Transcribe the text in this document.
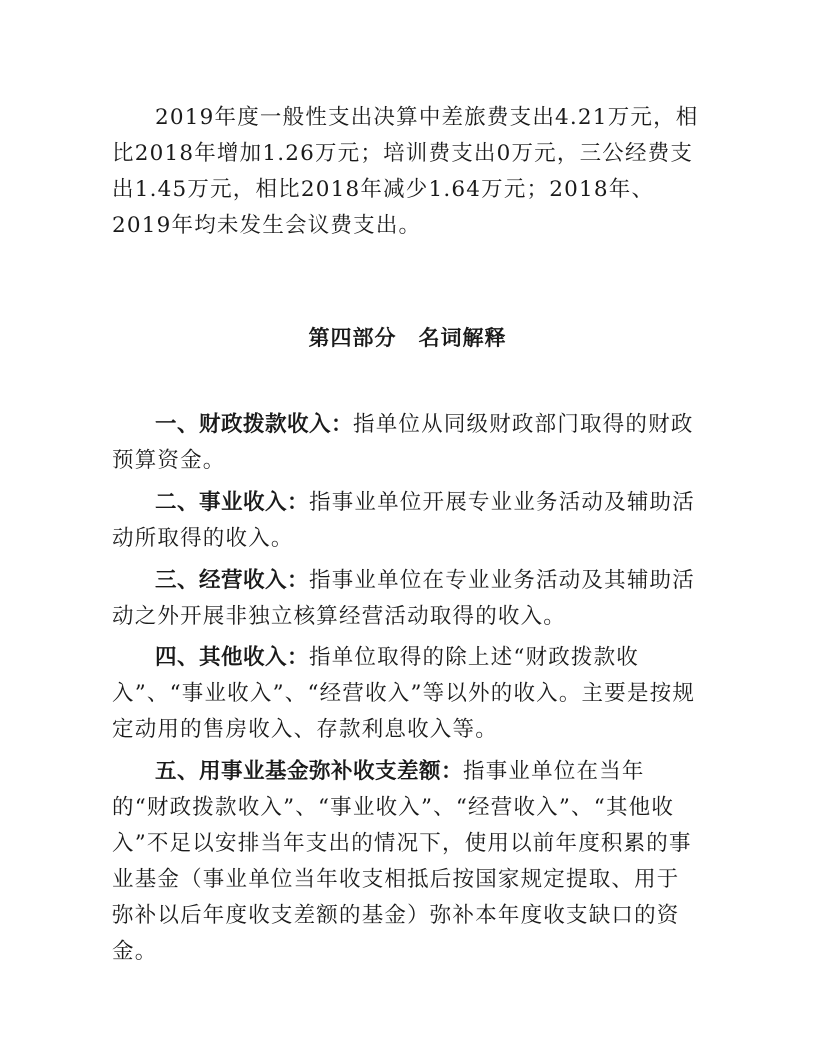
2019年度一般性支出决算中差旅费支出4.21万元，相比2018年增加1.26万元；培训费支出0万元，三公经费支出1.45万元，相比2018年减少1.64万元；2018年、2019年均未发生会议费支出。

第四部分　名词解释

一、财政拨款收入：指单位从同级财政部门取得的财政预算资金。

二、事业收入：指事业单位开展专业业务活动及辅助活动所取得的收入。

三、经营收入：指事业单位在专业业务活动及其辅助活动之外开展非独立核算经营活动取得的收入。

四、其他收入：指单位取得的除上述“财政拨款收入”、“事业收入”、“经营收入”等以外的收入。主要是按规定动用的售房收入、存款利息收入等。

五、用事业基金弥补收支差额：指事业单位在当年的“财政拨款收入”、“事业收入”、“经营收入”、“其他收入”不足以安排当年支出的情况下，使用以前年度积累的事业基金（事业单位当年收支相抵后按国家规定提取、用于弥补以后年度收支差额的基金）弥补本年度收支缺口的资金。
